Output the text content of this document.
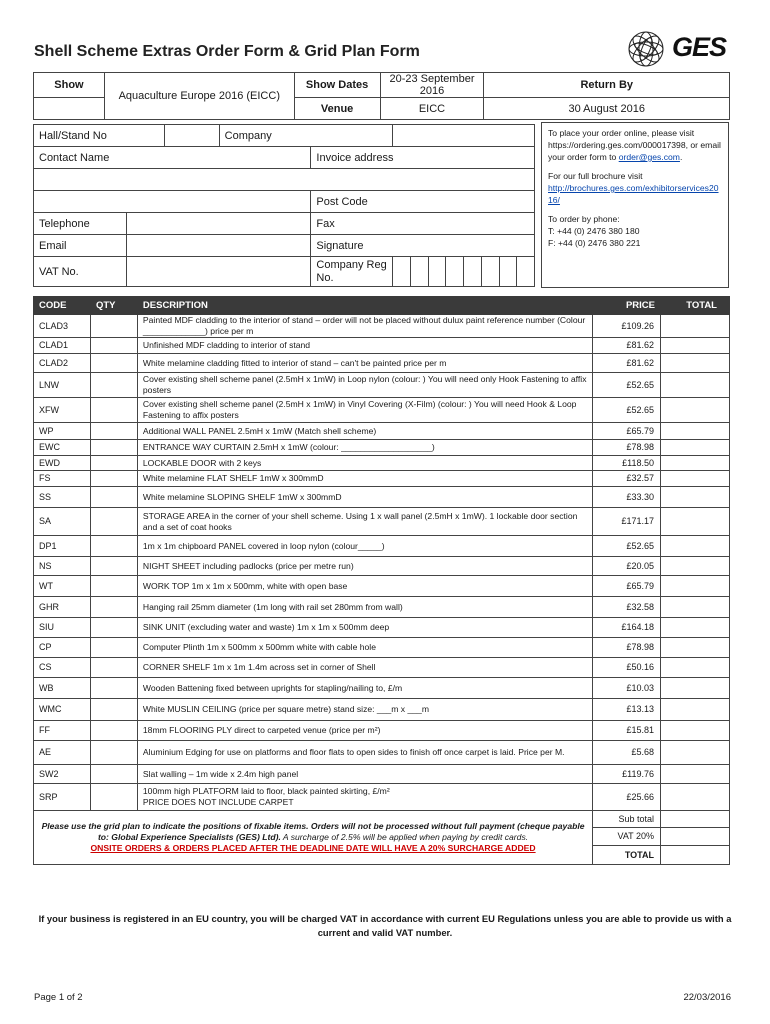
Shell Scheme Extras Order Form & Grid Plan Form	GES
Show	Aquaculture Europe 2016 (EICC)	Show Dates	20-23 September 2016	Return By
		Venue	EICC	30 August 2016
Hall/Stand No			Company		
Contact Name				Invoice address	

				Post Code	
Telephone				Fax	
Email				Signature	
VAT No.				Company Reg No.	

To place your order online, please visit https://ordering.ges.com/000017398, or email your order form to order@ges.com.

For our full brochure visit
http://brochures.ges.com/exhibitorservices2016/

To order by phone:
T: +44 (0) 2476 380 180
F: +44 (0) 2476 380 221

CODE	QTY	DESCRIPTION	PRICE	TOTAL
CLAD3		Painted MDF cladding to the interior of stand – order will not be placed without dulux paint reference number (Colour _____________) price per m	£109.26	
CLAD1		Unfinished MDF cladding to interior of stand	£81.62	
CLAD2		White melamine cladding fitted to interior of stand – can't be painted price per m	£81.62	
LNW		Cover existing shell scheme panel (2.5mH x 1mW) in Loop nylon (colour: ) You will need only Hook Fastening to affix posters	£52.65	
XFW		Cover existing shell scheme panel (2.5mH x 1mW) in Vinyl Covering (X-Film) (colour: ) You will need Hook & Loop Fastening to affix posters	£52.65	
WP		Additional WALL PANEL 2.5mH x 1mW (Match shell scheme)	£65.79	
EWC		ENTRANCE WAY CURTAIN 2.5mH x 1mW (colour: ___________________)	£78.98	
EWD		LOCKABLE DOOR with 2 keys	£118.50	
FS		White melamine FLAT SHELF 1mW x 300mmD	£32.57	
SS		White melamine SLOPING SHELF 1mW x 300mmD	£33.30	
SA		STORAGE AREA in the corner of your shell scheme. Using 1 x wall panel (2.5mH x 1mW). 1 lockable door section and a set of coat hooks	£171.17	
DP1		1m x 1m chipboard PANEL covered in loop nylon (colour_____)	£52.65	
NS		NIGHT SHEET including padlocks (price per metre run)	£20.05	
WT		WORK TOP 1m x 1m x 500mm, white with open base	£65.79	
GHR		Hanging rail 25mm diameter (1m long with rail set 280mm from wall)	£32.58	
SIU		SINK UNIT (excluding water and waste) 1m x 1m x 500mm deep	£164.18	
CP		Computer Plinth 1m x 500mm x 500mm white with cable hole	£78.98	
CS		CORNER SHELF 1m x 1m 1.4m across set in corner of Shell	£50.16	
WB		Wooden Battening fixed between uprights for stapling/nailing to, £/m	£10.03	
WMC		White MUSLIN CEILING (price per square metre) stand size: ___m x ___m	£13.13	
FF		18mm FLOORING PLY direct to carpeted venue (price per m²)	£15.81	
AE		Aluminium Edging for use on platforms and floor flats to open sides to finish off once carpet is laid. Price per M.	£5.68	
SW2		Slat walling – 1m wide x 2.4m high panel	£119.76	
SRP		100mm high PLATFORM laid to floor, black painted skirting, £/m²
PRICE DOES NOT INCLUDE CARPET	£25.66	
Please use the grid plan to indicate the positions of fixable items. Orders will not be processed without full payment (cheque payable to: Global Experience Specialists (GES) Ltd). A surcharge of 2.5% will be applied when paying by credit cards.
ONSITE ORDERS & ORDERS PLACED AFTER THE DEADLINE DATE WILL HAVE A 20% SURCHARGE ADDED			Sub total	
			VAT 20%	
			TOTAL	
If your business is registered in an EU country, you will be charged VAT in accordance with current EU Regulations unless you are able to provide us with a current and valid VAT number.
Page 1 of 2	22/03/2016
